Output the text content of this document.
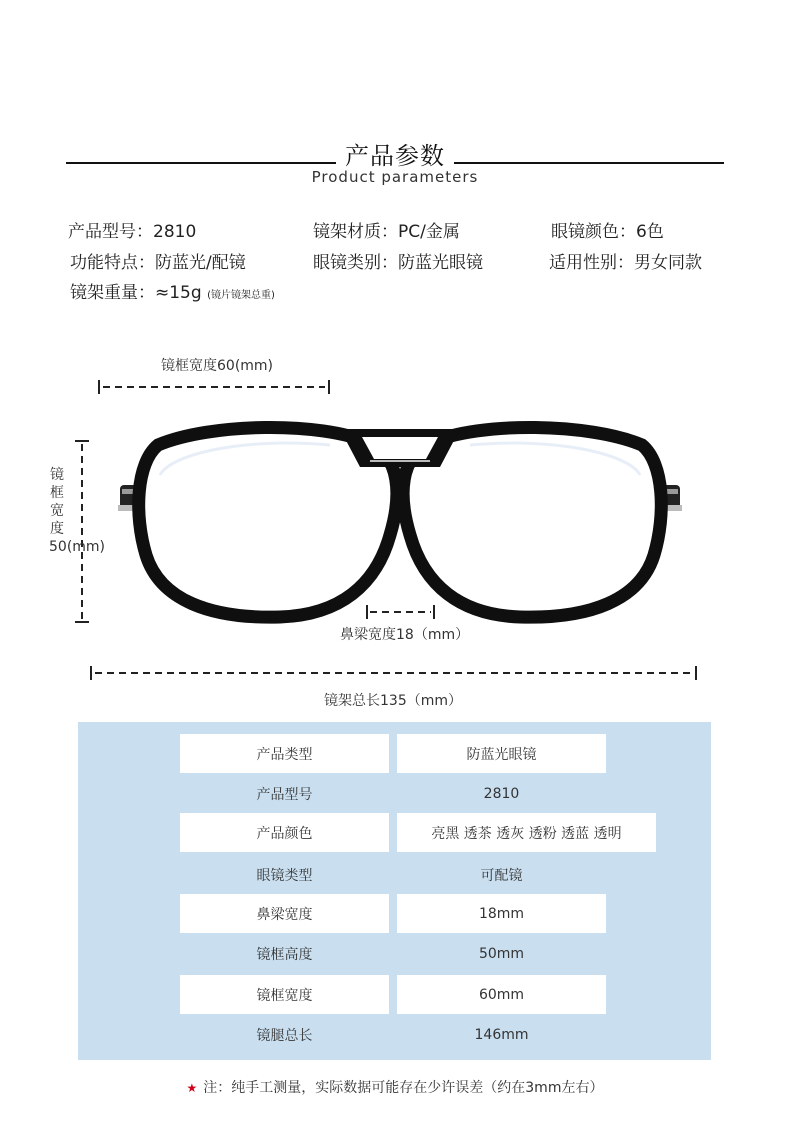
产品参数
Product parameters
产品型号：2810	镜架材质：PC/金属	眼镜颜色：6色
功能特点：防蓝光/配镜	眼镜类别：防蓝光眼镜	适用性别：男女同款
镜架重量：≈15g (镜片镜架总重)
镜框宽度60(mm)
镜框宽度50(mm)
鼻梁宽度18（mm）
镜架总长135（mm）
产品类型	防蓝光眼镜
产品型号	2810
产品颜色	亮黑 透茶 透灰 透粉 透蓝 透明
眼镜类型	可配镜
鼻梁宽度	18mm
镜框高度	50mm
镜框宽度	60mm
镜腿总长	146mm
★ 注：纯手工测量，实际数据可能存在少许误差（约在3mm左右）
